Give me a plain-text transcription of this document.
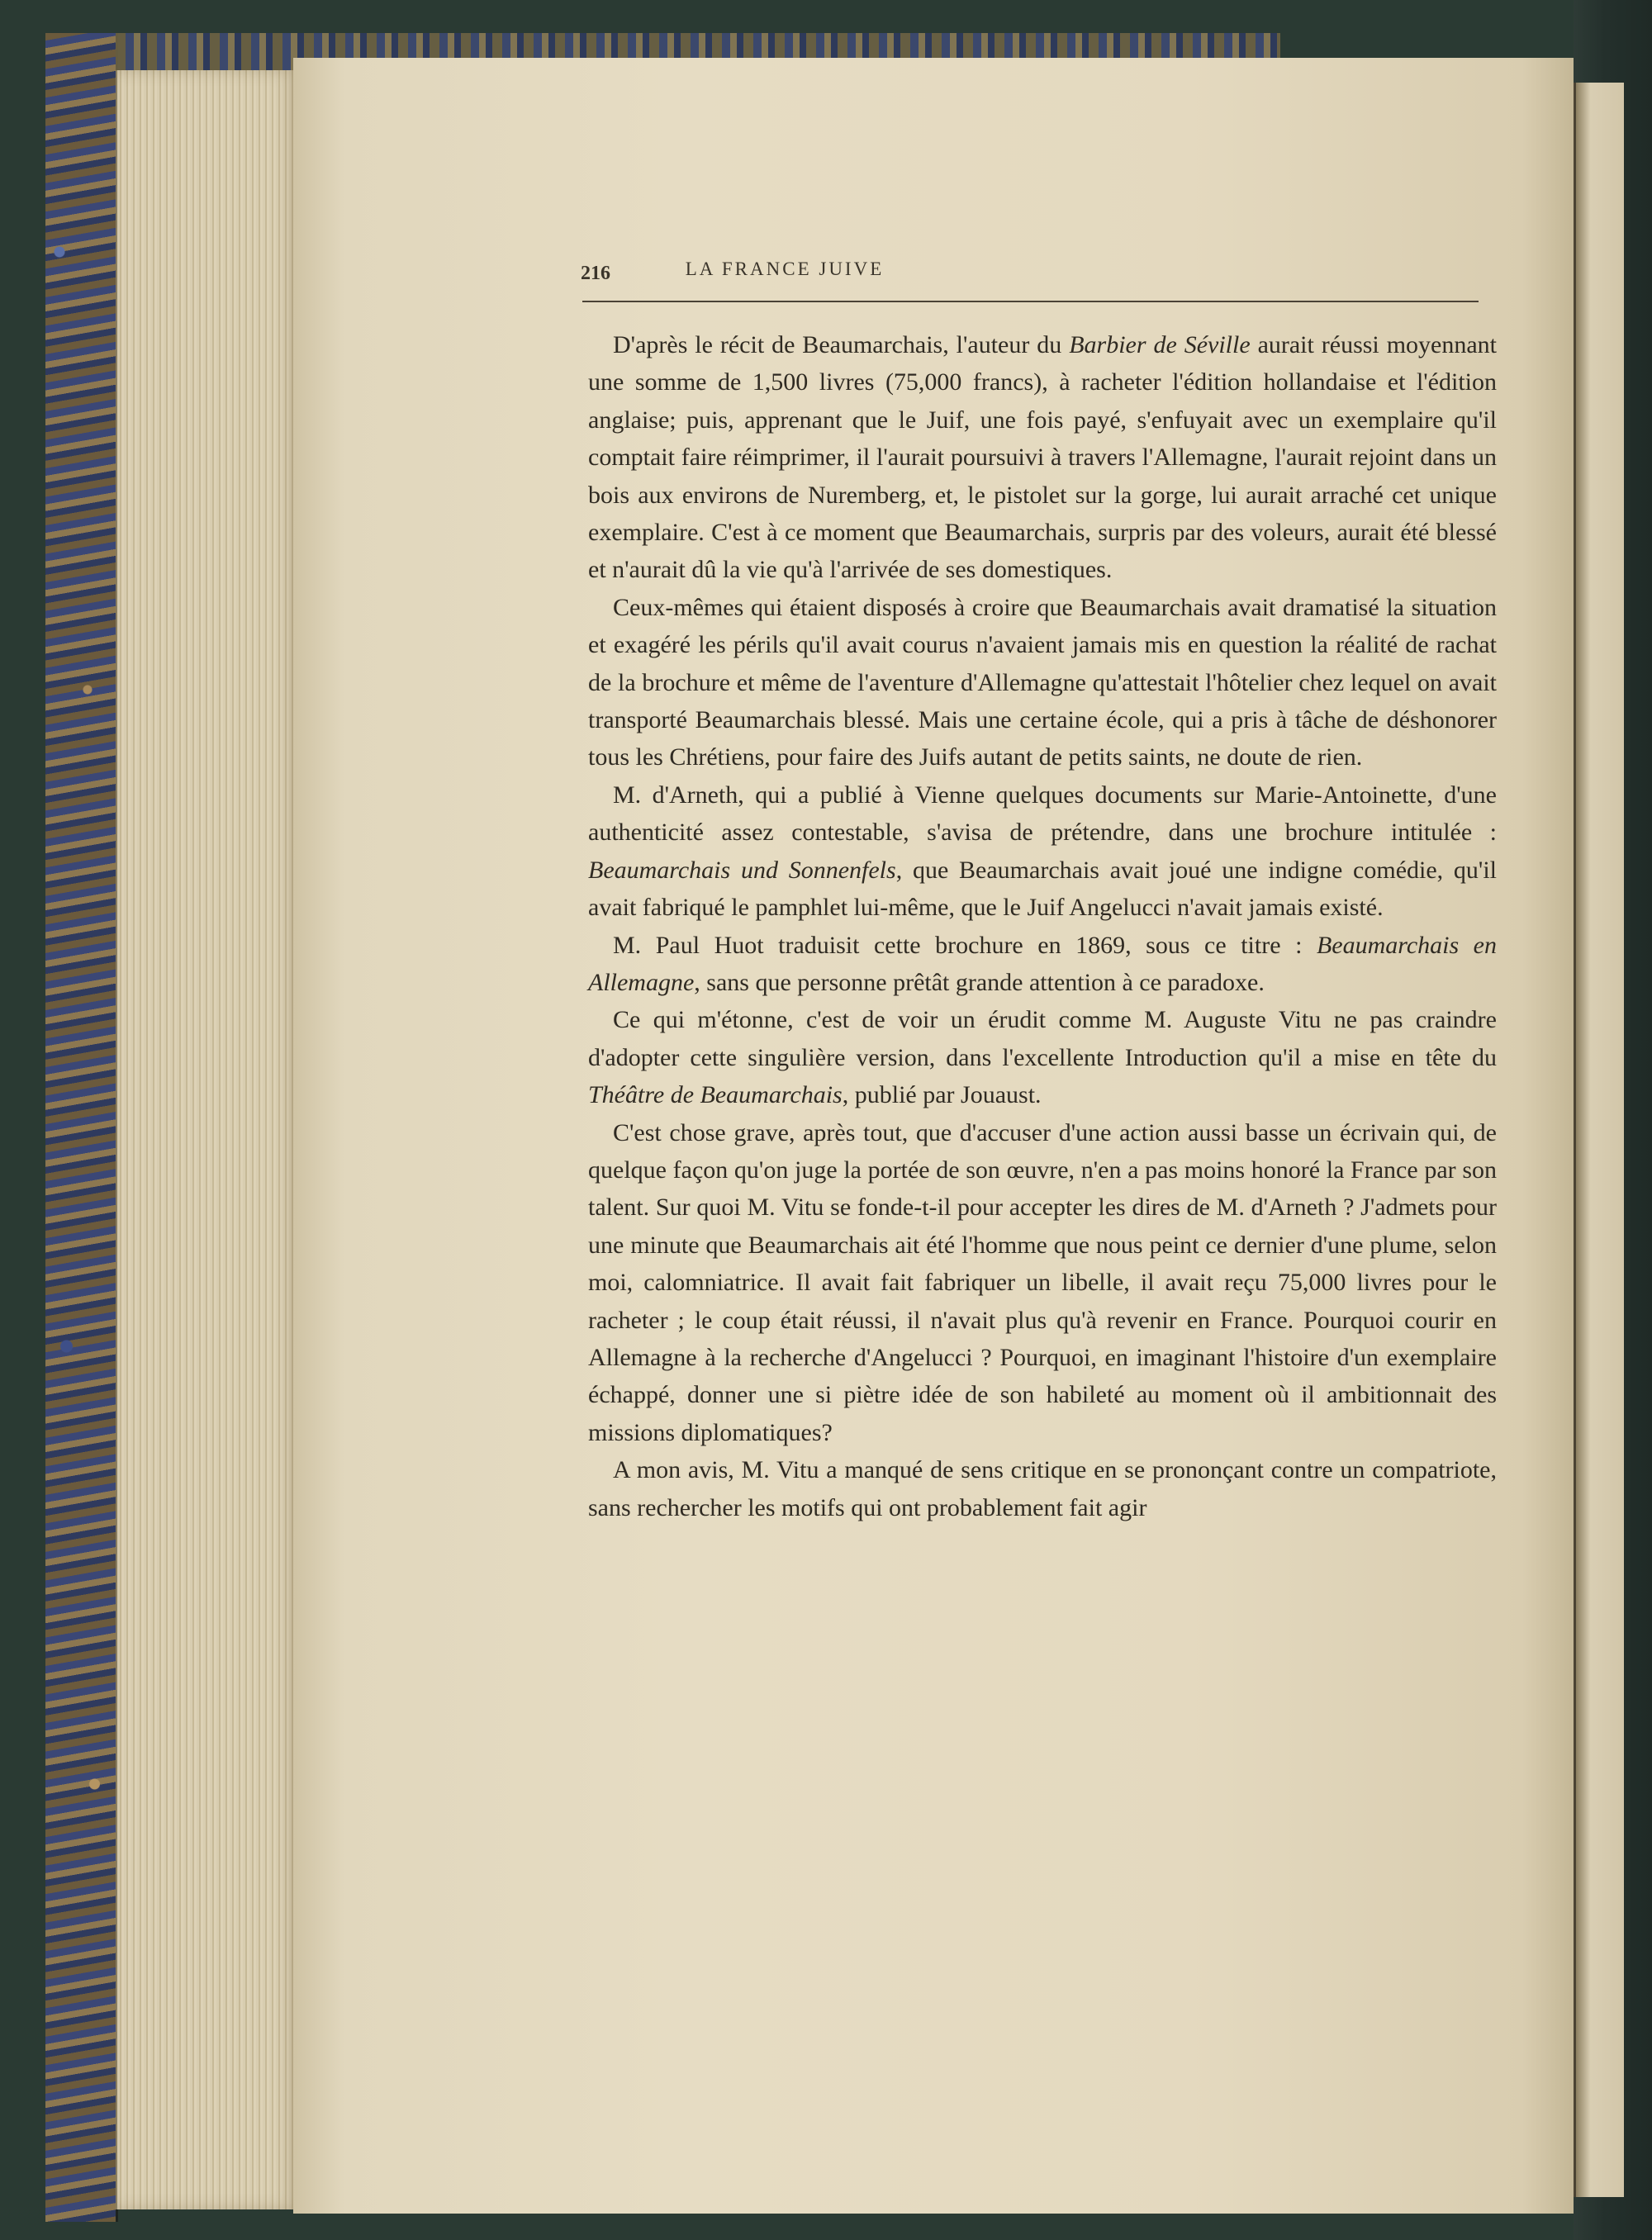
216	LA FRANCE JUIVE

D'après le récit de Beaumarchais, l'auteur du Barbier de Séville aurait réussi moyennant une somme de 1,500 livres (75,000 francs), à racheter l'édition hollandaise et l'édition anglaise; puis, apprenant que le Juif, une fois payé, s'enfuyait avec un exemplaire qu'il comptait faire réimprimer, il l'aurait poursuivi à travers l'Allemagne, l'aurait rejoint dans un bois aux environs de Nuremberg, et, le pistolet sur la gorge, lui aurait arraché cet unique exemplaire. C'est à ce moment que Beaumarchais, surpris par des voleurs, aurait été blessé et n'aurait dû la vie qu'à l'arrivée de ses domestiques.

Ceux-mêmes qui étaient disposés à croire que Beaumarchais avait dramatisé la situation et exagéré les périls qu'il avait courus n'avaient jamais mis en question la réalité de rachat de la brochure et même de l'aventure d'Allemagne qu'attestait l'hôtelier chez lequel on avait transporté Beaumarchais blessé. Mais une certaine école, qui a pris à tâche de déshonorer tous les Chrétiens, pour faire des Juifs autant de petits saints, ne doute de rien.

M. d'Arneth, qui a publié à Vienne quelques documents sur Marie-Antoinette, d'une authenticité assez contestable, s'avisa de prétendre, dans une brochure intitulée : Beaumarchais und Sonnenfels, que Beaumarchais avait joué une indigne comédie, qu'il avait fabriqué le pamphlet lui-même, que le Juif Angelucci n'avait jamais existé.

M. Paul Huot traduisit cette brochure en 1869, sous ce titre : Beaumarchais en Allemagne, sans que personne prêtât grande attention à ce paradoxe.

Ce qui m'étonne, c'est de voir un érudit comme M. Auguste Vitu ne pas craindre d'adopter cette singulière version, dans l'excellente Introduction qu'il a mise en tête du Théâtre de Beaumarchais, publié par Jouaust.

C'est chose grave, après tout, que d'accuser d'une action aussi basse un écrivain qui, de quelque façon qu'on juge la portée de son œuvre, n'en a pas moins honoré la France par son talent. Sur quoi M. Vitu se fonde-t-il pour accepter les dires de M. d'Arneth ? J'admets pour une minute que Beaumarchais ait été l'homme que nous peint ce dernier d'une plume, selon moi, calomniatrice. Il avait fait fabriquer un libelle, il avait reçu 75,000 livres pour le racheter ; le coup était réussi, il n'avait plus qu'à revenir en France. Pourquoi courir en Allemagne à la recherche d'Angelucci ? Pourquoi, en imaginant l'histoire d'un exemplaire échappé, donner une si piètre idée de son habileté au moment où il ambitionnait des missions diplomatiques?

A mon avis, M. Vitu a manqué de sens critique en se prononçant contre un compatriote, sans rechercher les motifs qui ont probablement fait agir
